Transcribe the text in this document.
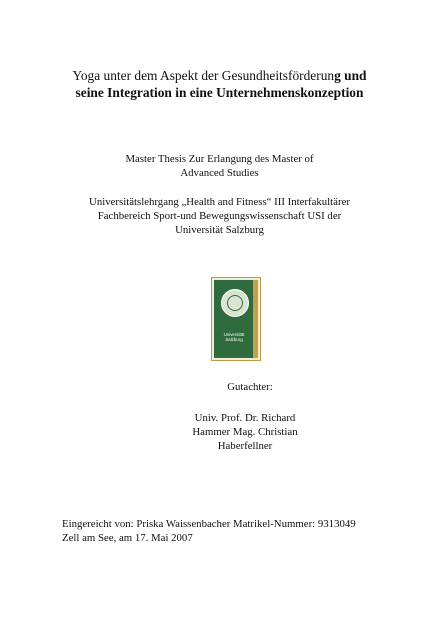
Yoga unter dem Aspekt der Gesundheitsförderung und
seine Integration in eine Unternehmenskonzeption
Master Thesis Zur Erlangung des Master of
Advanced Studies
Universitätslehrgang „Health and Fitness“ III Interfakultärer
Fachbereich Sport-und Bewegungswissenschaft USI der
Universität Salzburg
Universität
Salzburg
Gutachter:
Univ. Prof. Dr. Richard
Hammer Mag. Christian
Haberfellner
Eingereicht von: Priska Waissenbacher Matrikel-Nummer: 9313049
Zell am See, am 17. Mai 2007
